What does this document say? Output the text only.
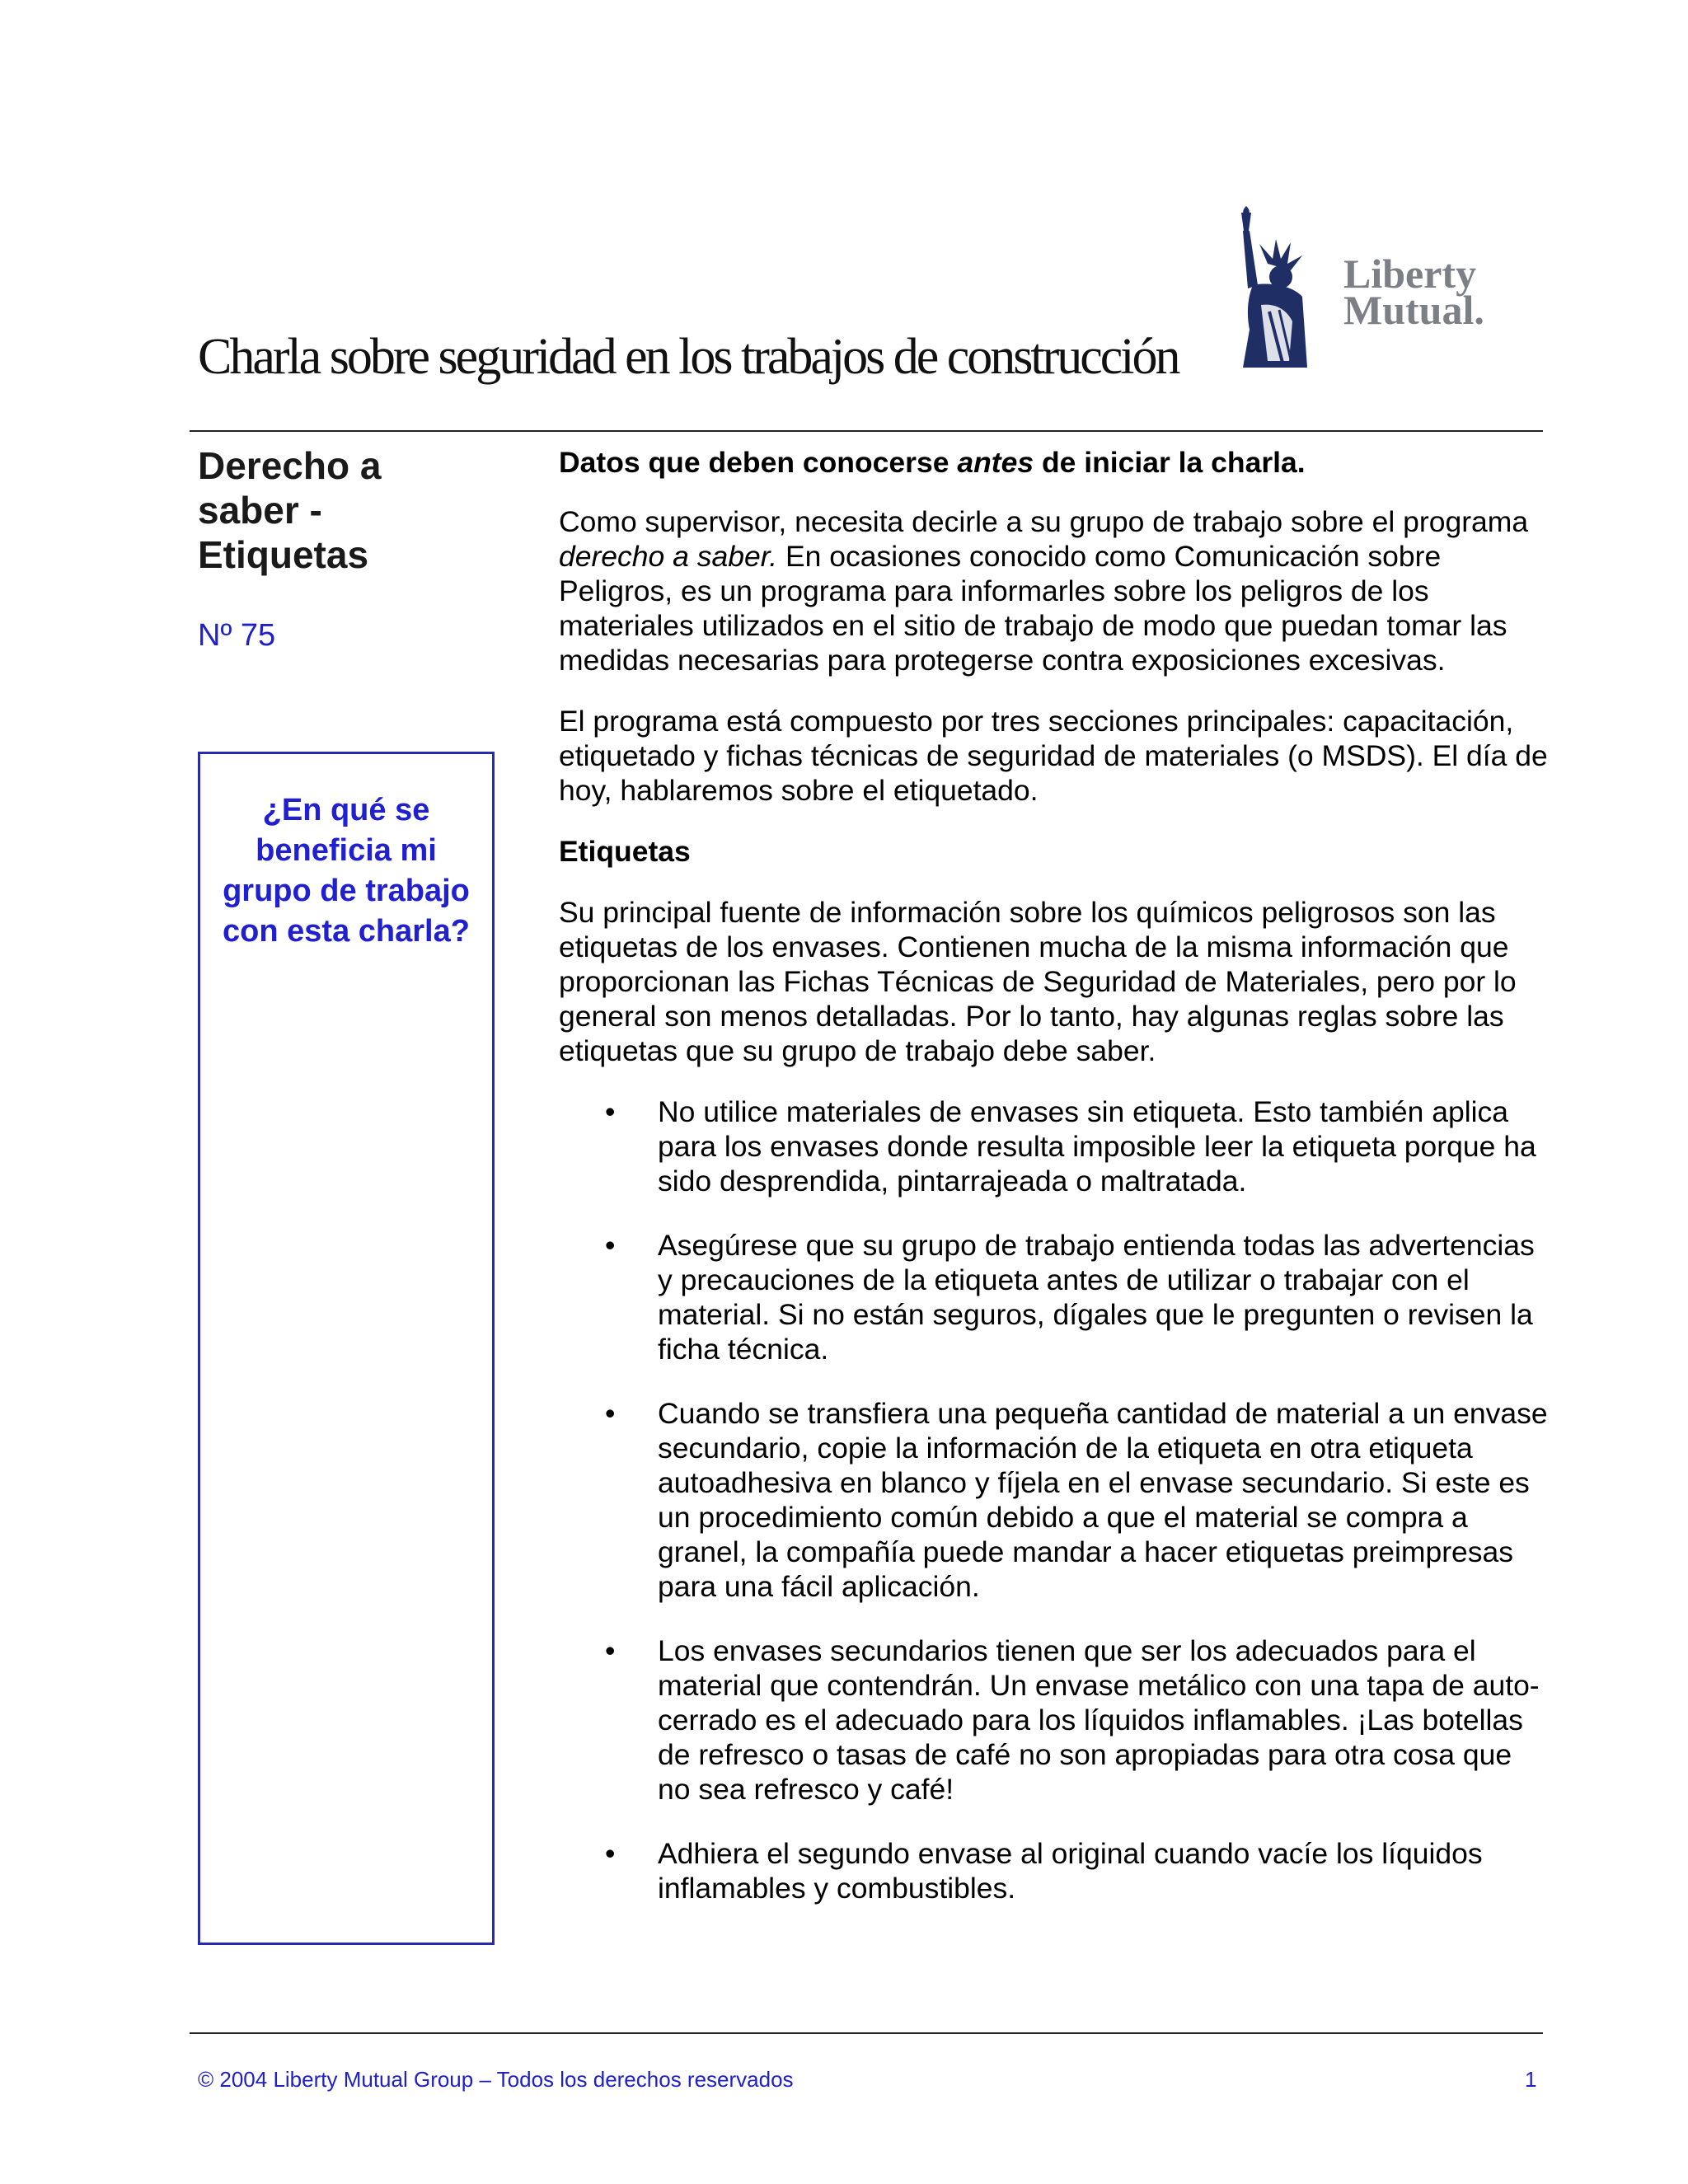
Charla sobre seguridad en los trabajos de construcción
Liberty
Mutual.
Derecho a saber - Etiquetas
Nº 75
¿En qué se beneficia mi grupo de trabajo con esta charla?

Datos que deben conocerse antes de iniciar la charla.

Como supervisor, necesita decirle a su grupo de trabajo sobre el programa derecho a saber. En ocasiones conocido como Comunicación sobre Peligros, es un programa para informarles sobre los peligros de los materiales utilizados en el sitio de trabajo de modo que puedan tomar las medidas necesarias para protegerse contra exposiciones excesivas.

El programa está compuesto por tres secciones principales: capacitación, etiquetado y fichas técnicas de seguridad de materiales (o MSDS). El día de hoy, hablaremos sobre el etiquetado.

Etiquetas

Su principal fuente de información sobre los químicos peligrosos son las etiquetas de los envases. Contienen mucha de la misma información que proporcionan las Fichas Técnicas de Seguridad de Materiales, pero por lo general son menos detalladas. Por lo tanto, hay algunas reglas sobre las etiquetas que su grupo de trabajo debe saber.

• No utilice materiales de envases sin etiqueta. Esto también aplica para los envases donde resulta imposible leer la etiqueta porque ha sido desprendida, pintarrajeada o maltratada.
• Asegúrese que su grupo de trabajo entienda todas las advertencias y precauciones de la etiqueta antes de utilizar o trabajar con el material. Si no están seguros, dígales que le pregunten o revisen la ficha técnica.
• Cuando se transfiera una pequeña cantidad de material a un envase secundario, copie la información de la etiqueta en otra etiqueta autoadhesiva en blanco y fíjela en el envase secundario. Si este es un procedimiento común debido a que el material se compra a granel, la compañía puede mandar a hacer etiquetas preimpresas para una fácil aplicación.
• Los envases secundarios tienen que ser los adecuados para el material que contendrán. Un envase metálico con una tapa de auto-cerrado es el adecuado para los líquidos inflamables. ¡Las botellas de refresco o tasas de café no son apropiadas para otra cosa que no sea refresco y café!
• Adhiera el segundo envase al original cuando vacíe los líquidos inflamables y combustibles.
© 2004 Liberty Mutual Group – Todos los derechos reservados	1
